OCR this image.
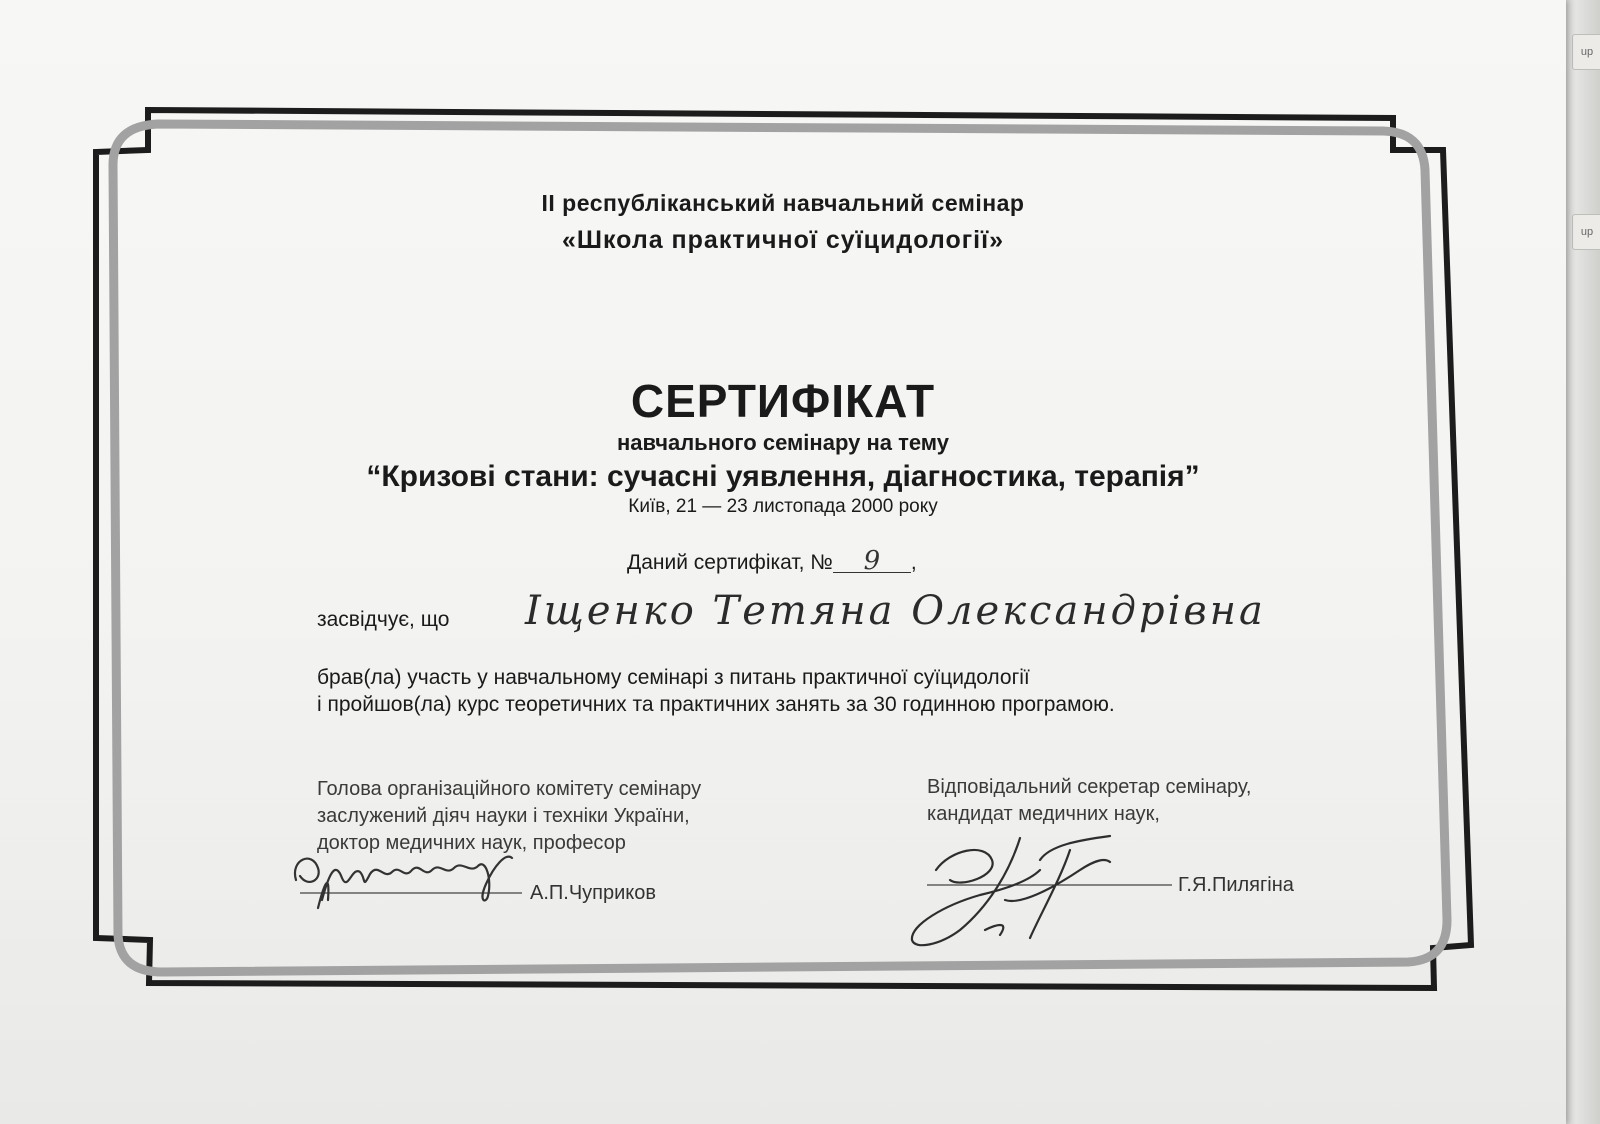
up
up
II республіканський навчальний семінар
«Школа практичної суїцидології»
СЕРТИФІКАТ
навчального семінару на тему
“Кризові стани: сучасні уявлення, діагностика, терапія”
Київ, 21 — 23 листопада 2000 року
Даний сертифікат, № 9 ,
засвідчує, що Іщенко Тетяна Олександрівна
брав(ла) участь у навчальному семінарі з питань практичної суїцидології
і пройшов(ла) курс теоретичних та практичних занять за 30 годинною програмою.
Голова організаційного комітету семінару
заслужений діяч науки і техніки України,
доктор медичних наук, професор
А.П.Чуприков
Відповідальний секретар семінару,
кандидат медичних наук,
Г.Я.Пилягіна
